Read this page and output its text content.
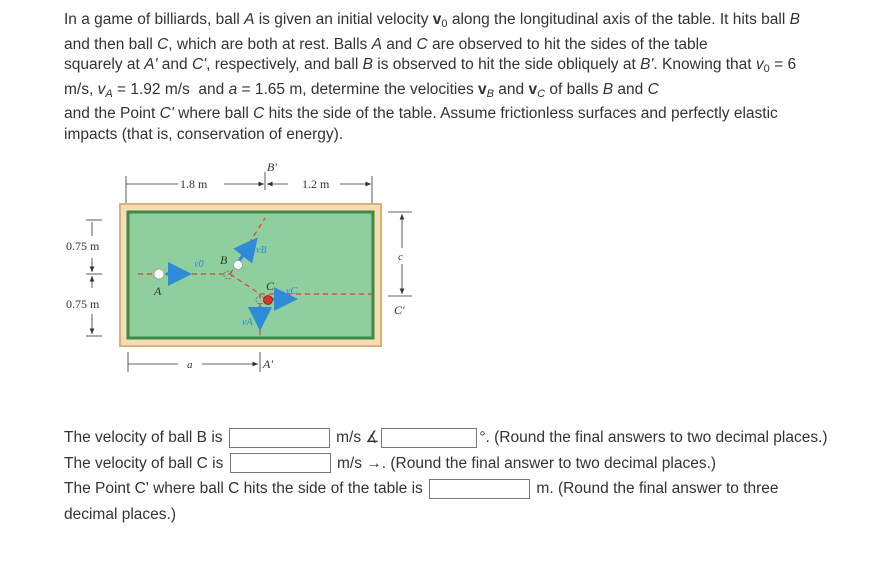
In a game of billiards, ball A is given an initial velocity $v_0$ along the longitudinal axis of the table. It hits ball B

and then ball C, which are both at rest. Balls A and C are observed to hit the sides of the table

squarely at A' and C', respectively, and ball B is observed to hit the side obliquely at B'. Knowing that $v_0 = 6$

m/s, $v_A = 1.92$ m/s  and a = 1.65 m, determine the velocities $v_B$ and $v_C$ of balls B and C

and the Point C' where ball C hits the side of the table. Assume frictionless surfaces and perfectly elastic

impacts (that is, conservation of energy).

1.8 m	1.2 m
B'
A
B
C
v0
vB
vC
vA
0.75 m
0.75 m
c
C'
a	A'
The velocity of ball B is	m/s ∡	°. (Round the final answers to two decimal places.)
The velocity of ball C is	m/s →. (Round the final answer to two decimal places.)
The Point C' where ball C hits the side of the table is	m. (Round the final answer to three
decimal places.)
